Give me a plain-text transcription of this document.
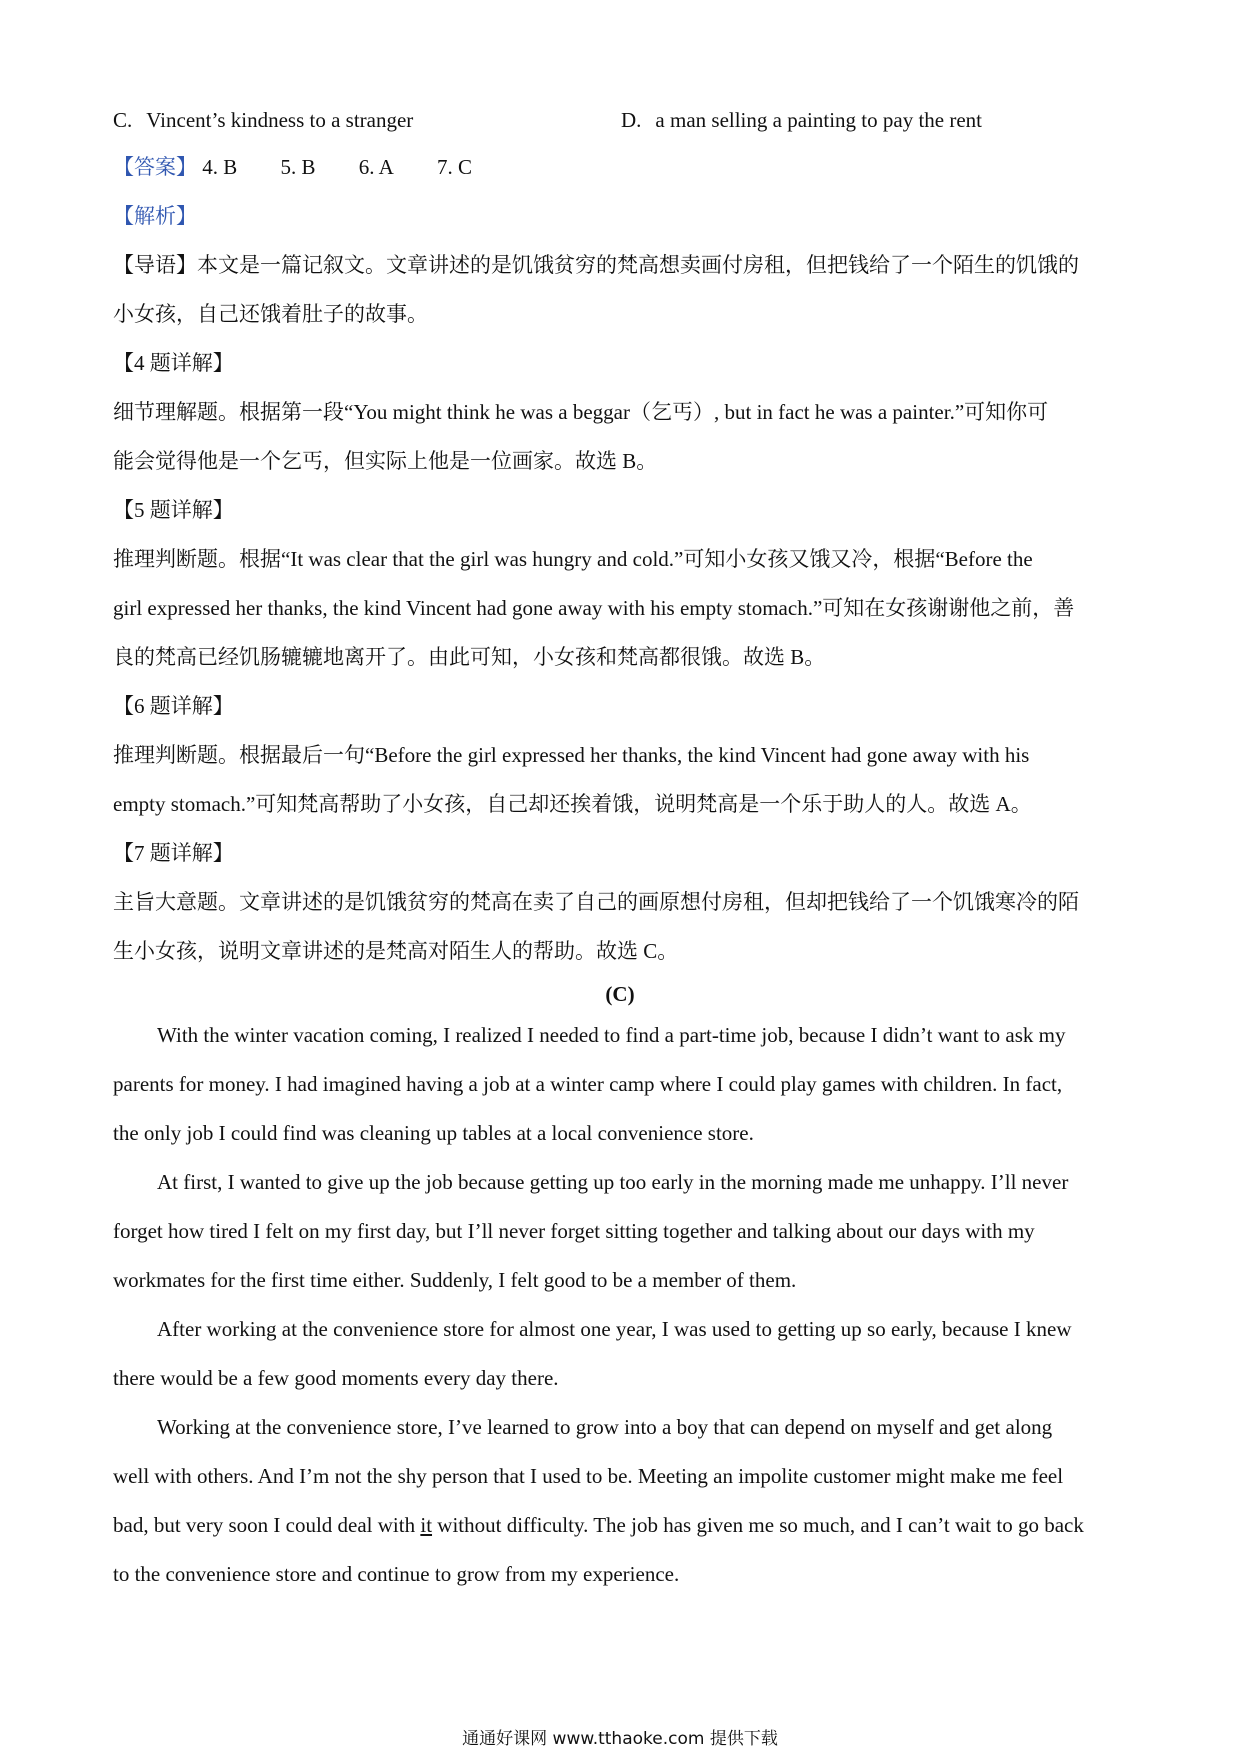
C. Vincent’s kindness to a stranger	D. a man selling a painting to pay the rent
【答案】 4. B 5. B 6. A 7. C
【解析】
【导语】本文是一篇记叙文。文章讲述的是饥饿贫穷的梵高想卖画付房租，但把钱给了一个陌生的饥饿的
小女孩，自己还饿着肚子的故事。
【4 题详解】
细节理解题。根据第一段“You might think he was a beggar（乞丐）, but in fact he was a painter.”可知你可
能会觉得他是一个乞丐，但实际上他是一位画家。故选 B。
【5 题详解】
推理判断题。根据“It was clear that the girl was hungry and cold.”可知小女孩又饿又冷，根据“Before the
girl expressed her thanks, the kind Vincent had gone away with his empty stomach.”可知在女孩谢谢他之前，善
良的梵高已经饥肠辘辘地离开了。由此可知，小女孩和梵高都很饿。故选 B。
【6 题详解】
推理判断题。根据最后一句“Before the girl expressed her thanks, the kind Vincent had gone away with his
empty stomach.”可知梵高帮助了小女孩，自己却还挨着饿，说明梵高是一个乐于助人的人。故选 A。
【7 题详解】
主旨大意题。文章讲述的是饥饿贫穷的梵高在卖了自己的画原想付房租，但却把钱给了一个饥饿寒冷的陌
生小女孩，说明文章讲述的是梵高对陌生人的帮助。故选 C。
(C)
With the winter vacation coming, I realized I needed to find a part-time job, because I didn’t want to ask my
parents for money. I had imagined having a job at a winter camp where I could play games with children. In fact,
the only job I could find was cleaning up tables at a local convenience store.
At first, I wanted to give up the job because getting up too early in the morning made me unhappy. I’ll never
forget how tired I felt on my first day, but I’ll never forget sitting together and talking about our days with my
workmates for the first time either. Suddenly, I felt good to be a member of them.
After working at the convenience store for almost one year, I was used to getting up so early, because I knew
there would be a few good moments every day there.
Working at the convenience store, I’ve learned to grow into a boy that can depend on myself and get along
well with others. And I’m not the shy person that I used to be. Meeting an impolite customer might make me feel
bad, but very soon I could deal with it without difficulty. The job has given me so much, and I can’t wait to go back
to the convenience store and continue to grow from my experience.
通通好课网 www.tthaoke.com 提供下载
